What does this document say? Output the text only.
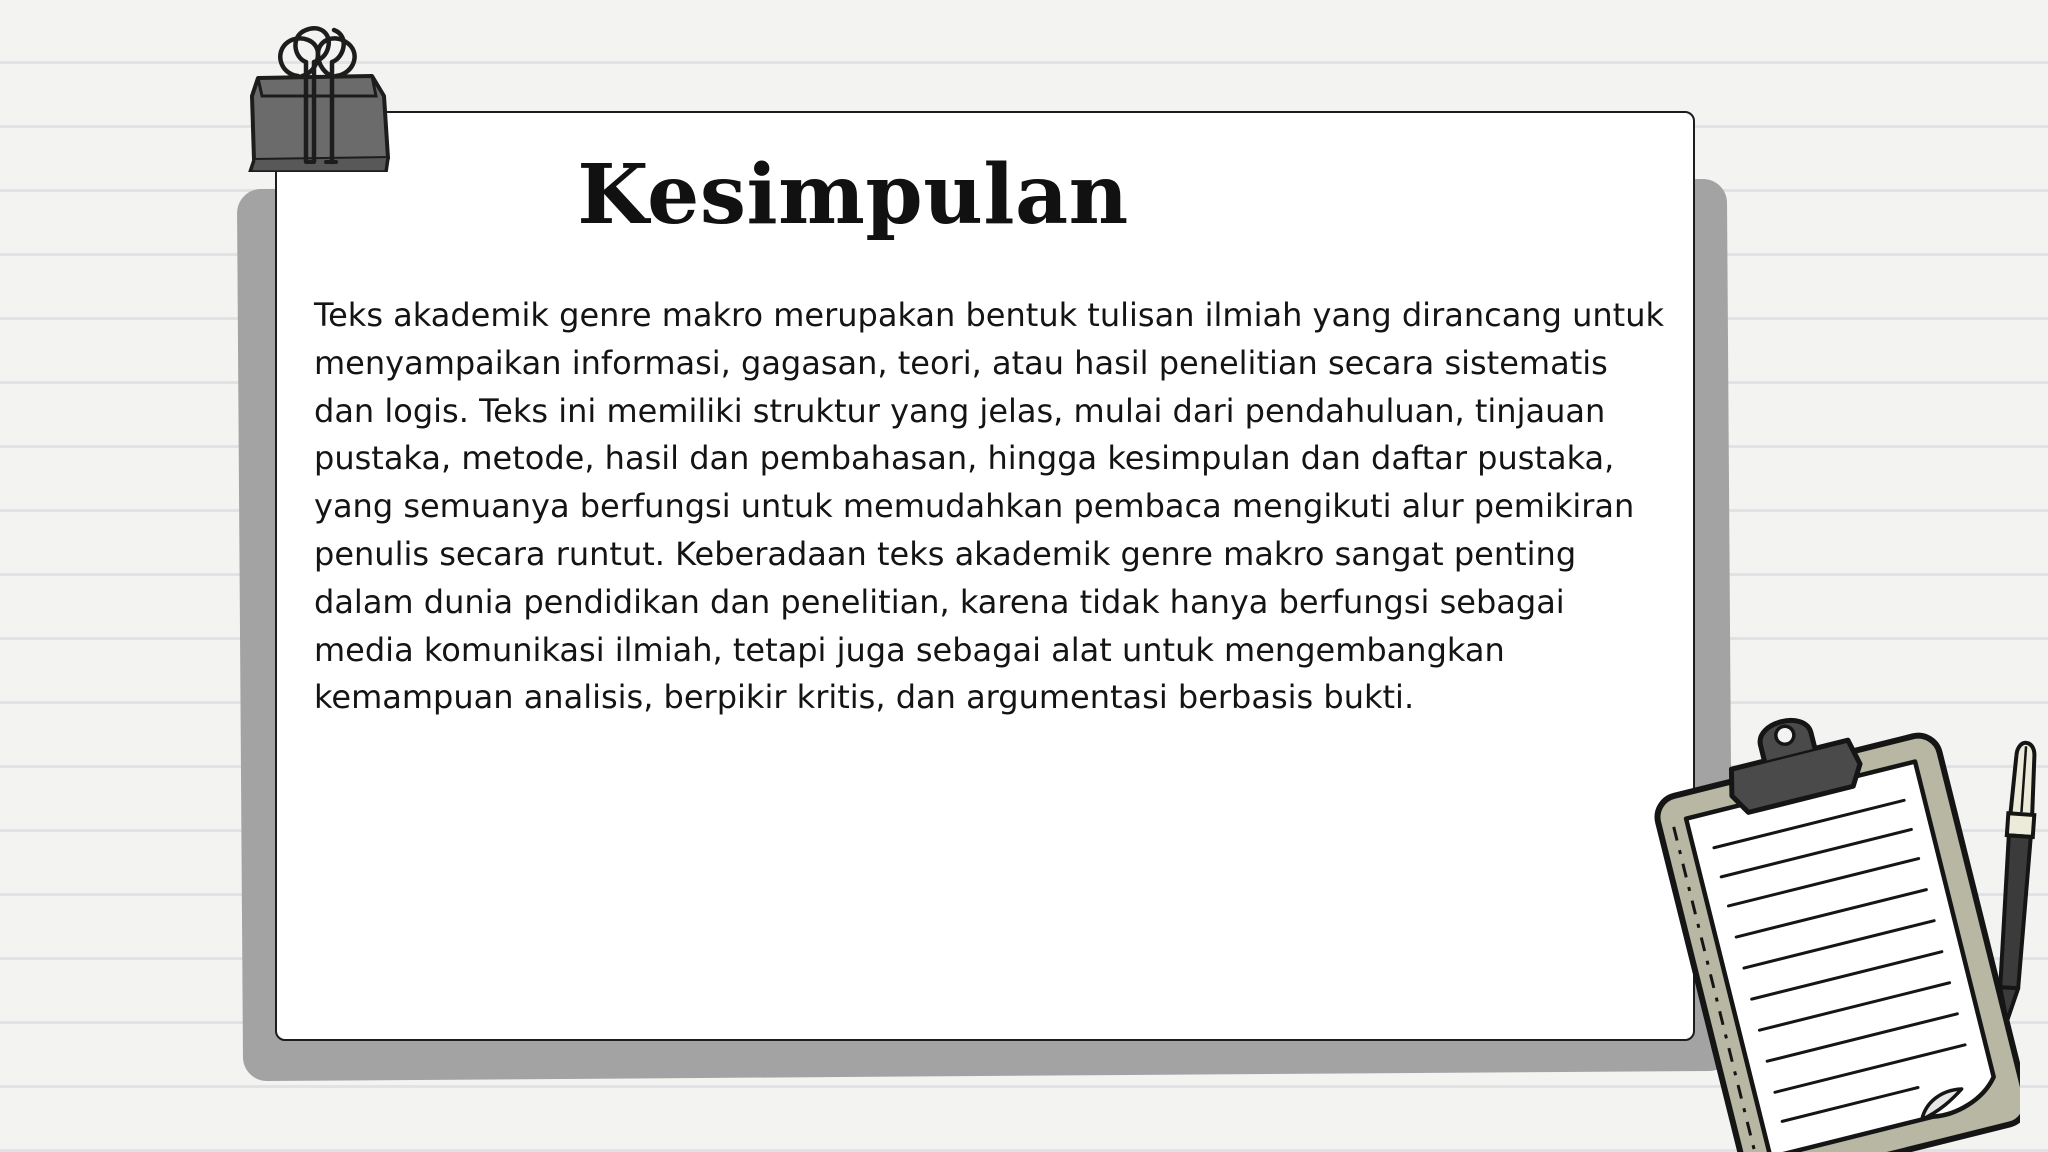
Kesimpulan

Teks akademik genre makro merupakan bentuk tulisan ilmiah yang dirancang untuk menyampaikan informasi, gagasan, teori, atau hasil penelitian secara sistematis dan logis. Teks ini memiliki struktur yang jelas, mulai dari pendahuluan, tinjauan pustaka, metode, hasil dan pembahasan, hingga kesimpulan dan daftar pustaka, yang semuanya berfungsi untuk memudahkan pembaca mengikuti alur pemikiran penulis secara runtut. Keberadaan teks akademik genre makro sangat penting dalam dunia pendidikan dan penelitian, karena tidak hanya berfungsi sebagai media komunikasi ilmiah, tetapi juga sebagai alat untuk mengembangkan kemampuan analisis, berpikir kritis, dan argumentasi berbasis bukti.
